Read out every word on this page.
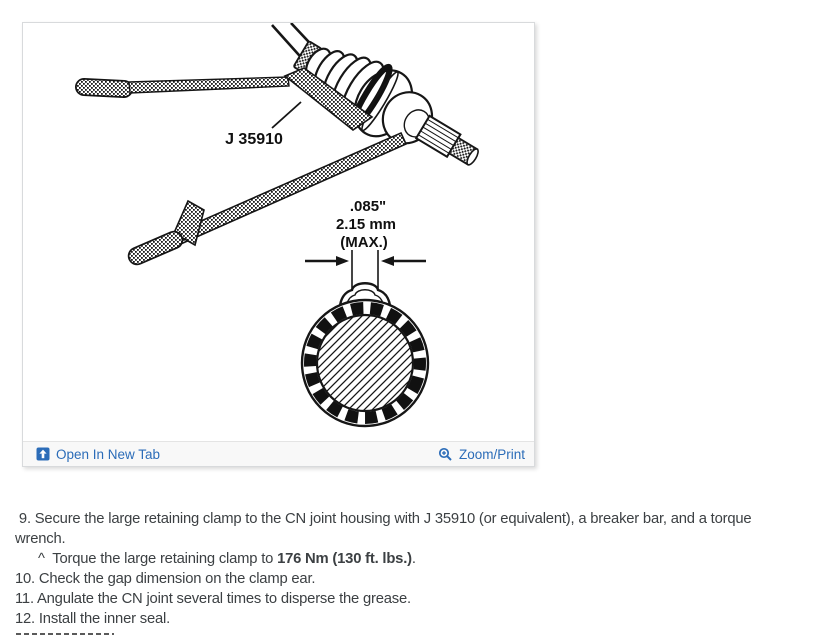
J 35910
.085"
2.15 mm
(MAX.)
Open In New Tab	Zoom/Print

9. Secure the large retaining clamp to the CN joint housing with J 35910 (or equivalent), a breaker bar, and a torque wrench.

^  Torque the large retaining clamp to 176 Nm (130 ft. lbs.).

10. Check the gap dimension on the clamp ear.

11. Angulate the CN joint several times to disperse the grease.

12. Install the inner seal.
